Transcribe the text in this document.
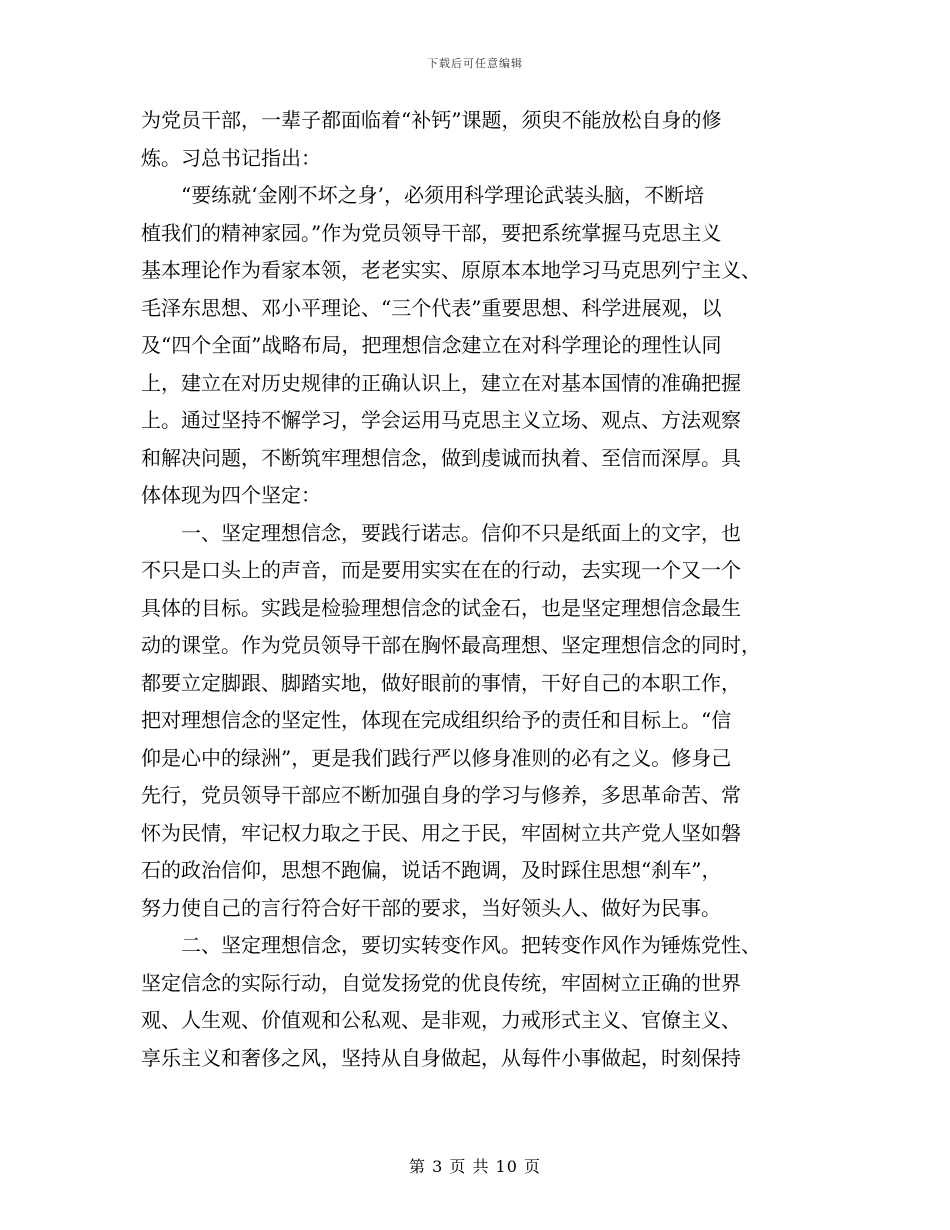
下载后可任意编辑
为党员干部，一辈子都面临着“补钙”课题，须臾不能放松自身的修
炼。习总书记指出：
　　“要练就‘金刚不坏之身’，必须用科学理论武装头脑，不断培
植我们的精神家园。”作为党员领导干部，要把系统掌握马克思主义
基本理论作为看家本领，老老实实、原原本本地学习马克思列宁主义、
毛泽东思想、邓小平理论、“三个代表”重要思想、科学进展观，以
及“四个全面”战略布局，把理想信念建立在对科学理论的理性认同
上，建立在对历史规律的正确认识上，建立在对基本国情的准确把握
上。通过坚持不懈学习，学会运用马克思主义立场、观点、方法观察
和解决问题，不断筑牢理想信念，做到虔诚而执着、至信而深厚。具
体体现为四个坚定：
　　一、坚定理想信念，要践行诺志。信仰不只是纸面上的文字，也
不只是口头上的声音，而是要用实实在在的行动，去实现一个又一个
具体的目标。实践是检验理想信念的试金石，也是坚定理想信念最生
动的课堂。作为党员领导干部在胸怀最高理想、坚定理想信念的同时，
都要立定脚跟、脚踏实地，做好眼前的事情，干好自己的本职工作，
把对理想信念的坚定性，体现在完成组织给予的责任和目标上。“信
仰是心中的绿洲”，更是我们践行严以修身准则的必有之义。修身己
先行，党员领导干部应不断加强自身的学习与修养，多思革命苦、常
怀为民情，牢记权力取之于民、用之于民，牢固树立共产党人坚如磐
石的政治信仰，思想不跑偏，说话不跑调，及时踩住思想“刹车”，
努力使自己的言行符合好干部的要求，当好领头人、做好为民事。
　　二、坚定理想信念，要切实转变作风。把转变作风作为锤炼党性、
坚定信念的实际行动，自觉发扬党的优良传统，牢固树立正确的世界
观、人生观、价值观和公私观、是非观，力戒形式主义、官僚主义、
享乐主义和奢侈之风，坚持从自身做起，从每件小事做起，时刻保持
第 3 页 共 10 页
